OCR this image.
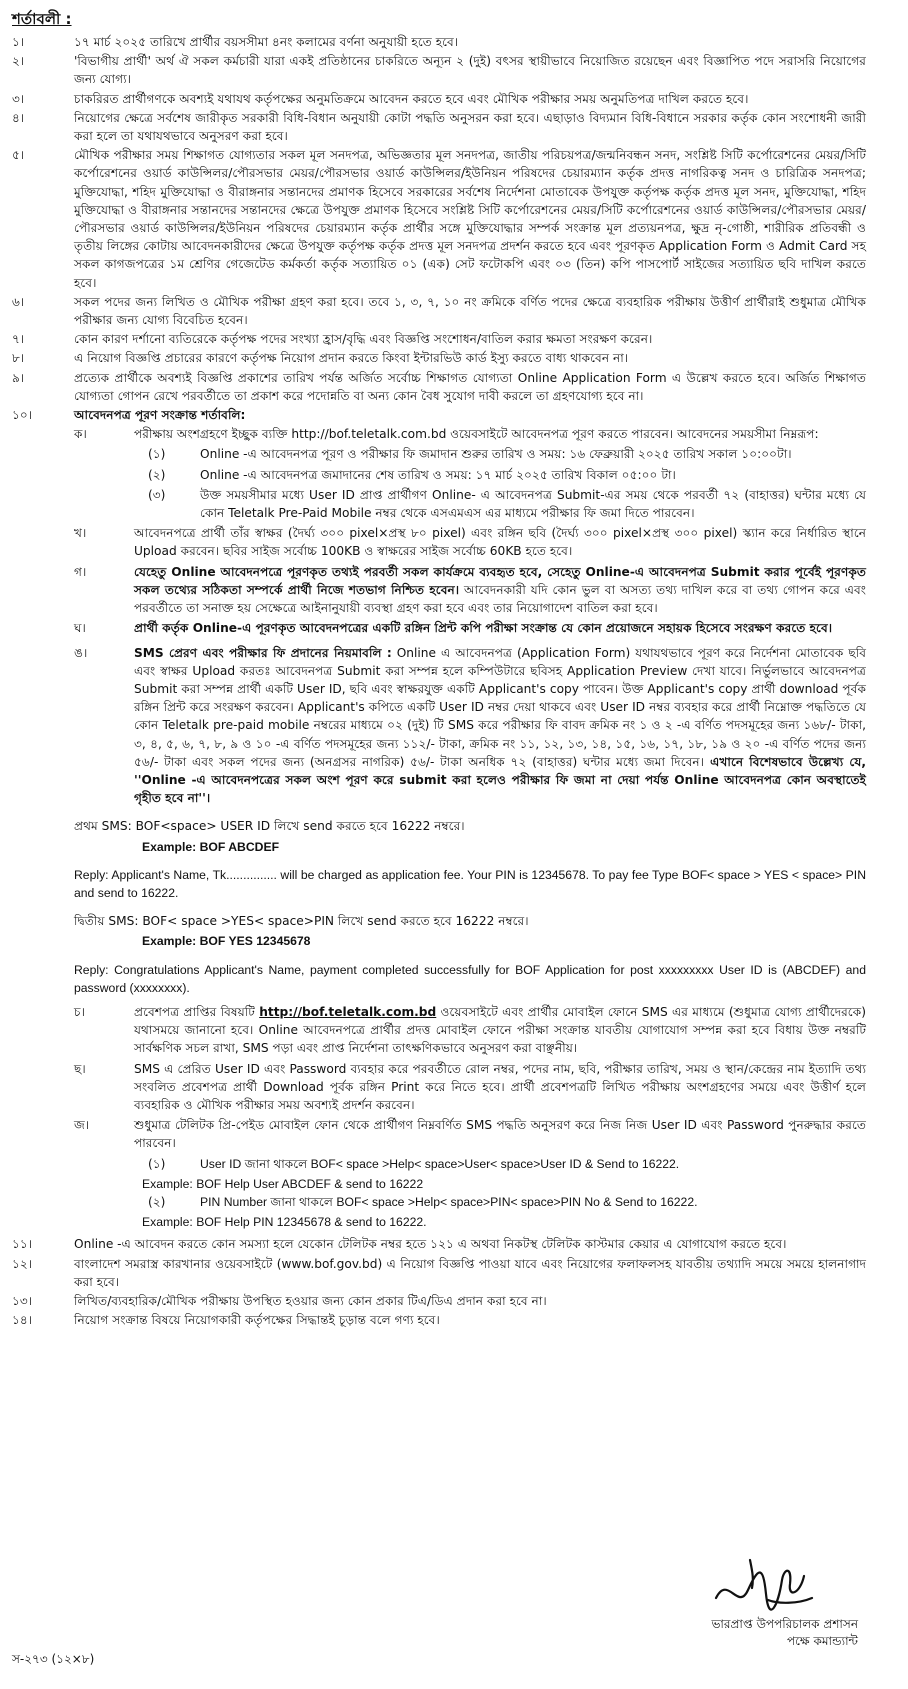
শর্তাবলী :
১।	১৭ মার্চ ২০২৫ তারিখে প্রার্থীর বয়সসীমা ৪নং কলামের বর্ণনা অনুযায়ী হতে হবে।
২।	'বিভাগীয় প্রার্থী' অর্থ ঐ সকল কর্মচারী যারা একই প্রতিষ্ঠানের চাকরিতে অন্যূন ২ (দুই) বৎসর স্থায়ীভাবে নিয়োজিত রয়েছেন এবং বিজ্ঞাপিত পদে সরাসরি নিয়োগের জন্য যোগ্য।
৩।	চাকরিরত প্রার্থীগণকে অবশ্যই যথাযথ কর্তৃপক্ষের অনুমতিক্রমে আবেদন করতে হবে এবং মৌখিক পরীক্ষার সময় অনুমতিপত্র দাখিল করতে হবে।
৪।	নিয়োগের ক্ষেত্রে সর্বশেষ জারীকৃত সরকারী বিধি-বিধান অনুযায়ী কোটা পদ্ধতি অনুসরন করা হবে। এছাড়াও বিদ্যমান বিধি-বিধানে সরকার কর্তৃক কোন সংশোধনী জারী করা হলে তা যথাযথভাবে অনুসরণ করা হবে।
৫।	মৌখিক পরীক্ষার সময় শিক্ষাগত যোগ্যতার সকল মূল সনদপত্র, অভিজ্ঞতার মূল সনদপত্র, জাতীয় পরিচয়পত্র/জন্মনিবন্ধন সনদ, সংশ্লিষ্ট সিটি কর্পোরেশনের মেয়র/সিটি কর্পোরেশনের ওয়ার্ড কাউন্সিলর/পৌরসভার মেয়র/পৌরসভার ওয়ার্ড কাউন্সিলর/ইউনিয়ন পরিষদের চেয়ারম্যান কর্তৃক প্রদত্ত নাগরিকত্ব সনদ ও চারিত্রিক সনদপত্র; মুক্তিযোদ্ধা, শহিদ মুক্তিযোদ্ধা ও বীরাঙ্গনার সন্তানদের প্রমাণক হিসেবে সরকারের সর্বশেষ নির্দেশনা মোতাবেক উপযুক্ত কর্তৃপক্ষ কর্তৃক প্রদত্ত মূল সনদ, মুক্তিযোদ্ধা, শহিদ মুক্তিযোদ্ধা ও বীরাঙ্গনার সন্তানদের সন্তানদের ক্ষেত্রে উপযুক্ত প্রমাণক হিসেবে সংশ্লিষ্ট সিটি কর্পোরেশনের মেয়র/সিটি কর্পোরেশনের ওয়ার্ড কাউন্সিলর/পৌরসভার মেয়র/পৌরসভার ওয়ার্ড কাউন্সিলর/ইউনিয়ন পরিষদের চেয়ারম্যান কর্তৃক প্রার্থীর সঙ্গে মুক্তিযোদ্ধার সম্পর্ক সংক্রান্ত মূল প্রত্যয়নপত্র, ক্ষুদ্র নৃ-গোষ্ঠী, শারীরিক প্রতিবন্ধী ও তৃতীয় লিঙ্গের কোটায় আবেদনকারীদের ক্ষেত্রে উপযুক্ত কর্তৃপক্ষ কর্তৃক প্রদত্ত মূল সনদপত্র প্রদর্শন করতে হবে এবং পূরণকৃত Application Form ও Admit Card সহ সকল কাগজপত্রের ১ম শ্রেণির গেজেটেড কর্মকর্তা কর্তৃক সত্যায়িত ০১ (এক) সেট ফটোকপি এবং ০৩ (তিন) কপি পাসপোর্ট সাইজের সত্যায়িত ছবি দাখিল করতে হবে।
৬।	সকল পদের জন্য লিখিত ও মৌখিক পরীক্ষা গ্রহণ করা হবে। তবে ১, ৩, ৭, ১০ নং ক্রমিকে বর্ণিত পদের ক্ষেত্রে ব্যবহারিক পরীক্ষায় উত্তীর্ণ প্রার্থীরাই শুধুমাত্র মৌখিক পরীক্ষার জন্য যোগ্য বিবেচিত হবেন।
৭।	কোন কারণ দর্শানো ব্যতিরেকে কর্তৃপক্ষ পদের সংখ্যা হ্রাস/বৃদ্ধি এবং বিজ্ঞপ্তি সংশোধন/বাতিল করার ক্ষমতা সংরক্ষণ করেন।
৮।	এ নিয়োগ বিজ্ঞপ্তি প্রচারের কারণে কর্তৃপক্ষ নিয়োগ প্রদান করতে কিংবা ইন্টারভিউ কার্ড ইস্যু করতে বাধ্য থাকবেন না।
৯।	প্রত্যেক প্রার্থীকে অবশ্যই বিজ্ঞপ্তি প্রকাশের তারিখ পর্যন্ত অর্জিত সর্বোচ্চ শিক্ষাগত যোগ্যতা Online Application Form এ উল্লেখ করতে হবে। অর্জিত শিক্ষাগত যোগ্যতা গোপন রেখে পরবর্তীতে তা প্রকাশ করে পদোন্নতি বা অন্য কোন বৈধ সুযোগ দাবী করলে তা গ্রহণযোগ্য হবে না।
১০।	আবেদনপত্র পূরণ সংক্রান্ত শর্তাবলি:
ক।	পরীক্ষায় অংশগ্রহণে ইচ্ছুক ব্যক্তি http://bof.teletalk.com.bd ওয়েবসাইটে আবেদনপত্র পূরণ করতে পারবেন। আবেদনের সময়সীমা নিম্নরূপ:
(১)	Online -এ আবেদনপত্র পূরণ ও পরীক্ষার ফি জমাদান শুরুর তারিখ ও সময়: ১৬ ফেব্রুয়ারী ২০২৫ তারিখ সকাল ১০:০০টা।
(২)	Online -এ আবেদনপত্র জমাদানের শেষ তারিখ ও সময়: ১৭ মার্চ ২০২৫ তারিখ বিকাল ০৫:০০ টা।
(৩)	উক্ত সময়সীমার মধ্যে User ID প্রাপ্ত প্রার্থীগণ Online- এ আবেদনপত্র Submit-এর সময় থেকে পরবর্তী ৭২ (বাহাত্তর) ঘন্টার মধ্যে যে কোন Teletalk Pre-Paid Mobile নম্বর থেকে এসএমএস এর মাধ্যমে পরীক্ষার ফি জমা দিতে পারবেন।
খ।	আবেদনপত্রে প্রার্থী তাঁর স্বাক্ষর (দৈর্ঘ্য ৩০০ pixel×প্রস্থ ৮০ pixel) এবং রঙ্গিন ছবি (দৈর্ঘ্য ৩০০ pixel×প্রস্থ ৩০০ pixel) স্ক্যান করে নির্ধারিত স্থানে Upload করবেন। ছবির সাইজ সর্বোচ্চ 100KB ও স্বাক্ষরের সাইজ সর্বোচ্চ 60KB হতে হবে।
গ।	যেহেতু Online আবেদনপত্রে পূরণকৃত তথ্যই পরবর্তী সকল কার্যক্রমে ব্যবহৃত হবে, সেহেতু Online-এ আবেদনপত্র Submit করার পূর্বেই পূরণকৃত সকল তথ্যের সঠিকতা সম্পর্কে প্রার্থী নিজে শতভাগ নিশ্চিত হবেন। আবেদনকারী যদি কোন ভুল বা অসত্য তথ্য দাখিল করে বা তথ্য গোপন করে এবং পরবর্তীতে তা সনাক্ত হয় সেক্ষেত্রে আইনানুযায়ী ব্যবস্থা গ্রহণ করা হবে এবং তার নিয়োগাদেশ বাতিল করা হবে।
ঘ।	প্রার্থী কর্তৃক Online-এ পূরণকৃত আবেদনপত্রের একটি রঙ্গিন প্রিন্ট কপি পরীক্ষা সংক্রান্ত যে কোন প্রয়োজনে সহায়ক হিসেবে সংরক্ষণ করতে হবে।
ঙ।	SMS প্রেরণ এবং পরীক্ষার ফি প্রদানের নিয়মাবলি : Online এ আবেদনপত্র (Application Form) যথাযথভাবে পূরণ করে নির্দেশনা মোতাবেক ছবি এবং স্বাক্ষর Upload করতঃ আবেদনপত্র Submit করা সম্পন্ন হলে কম্পিউটারে ছবিসহ Application Preview দেখা যাবে। নির্ভুলভাবে আবেদনপত্র Submit করা সম্পন্ন প্রার্থী একটি User ID, ছবি এবং স্বাক্ষরযুক্ত একটি Applicant's copy পাবেন। উক্ত Applicant's copy প্রার্থী download পূর্বক রঙ্গিন প্রিন্ট করে সংরক্ষণ করবেন। Applicant's কপিতে একটি User ID নম্বর দেয়া থাকবে এবং User ID নম্বর ব্যবহার করে প্রার্থী নিম্নোক্ত পদ্ধতিতে যে কোন Teletalk pre-paid mobile নম্বরের মাধ্যমে ০২ (দুই) টি SMS করে পরীক্ষার ফি বাবদ ক্রমিক নং ১ ও ২ -এ বর্ণিত পদসমূহের জন্য ১৬৮/- টাকা, ৩, ৪, ৫, ৬, ৭, ৮, ৯ ও ১০ -এ বর্ণিত পদসমূহের জন্য ১১২/- টাকা, ক্রমিক নং ১১, ১২, ১৩, ১৪, ১৫, ১৬, ১৭, ১৮, ১৯ ও ২০ -এ বর্ণিত পদের জন্য ৫৬/- টাকা এবং সকল পদের জন্য (অনগ্রসর নাগরিক) ৫৬/- টাকা অনধিক ৭২ (বাহাত্তর) ঘন্টার মধ্যে জমা দিবেন। এখানে বিশেষভাবে উল্লেখ্য যে, ''Online -এ আবেদনপত্রের সকল অংশ পূরণ করে submit করা হলেও পরীক্ষার ফি জমা না দেয়া পর্যন্ত Online আবেদনপত্র কোন অবস্থাতেই গৃহীত হবে না''।
প্রথম SMS: BOF<space> USER ID লিখে send করতে হবে 16222 নম্বরে।
Example: BOF ABCDEF
Reply: Applicant's Name, Tk............... will be charged as application fee. Your PIN is 12345678. To pay fee Type BOF< space > YES < space> PIN and send to 16222.
দ্বিতীয় SMS: BOF< space >YES< space>PIN লিখে send করতে হবে 16222 নম্বরে।
Example: BOF YES 12345678
Reply: Congratulations Applicant's Name, payment completed successfully for BOF Application for post xxxxxxxxx User ID is (ABCDEF) and password (xxxxxxxx).
চ।	প্রবেশপত্র প্রাপ্তির বিষয়টি http://bof.teletalk.com.bd ওয়েবসাইটে এবং প্রার্থীর মোবাইল ফোনে SMS এর মাধ্যমে (শুধুমাত্র যোগ্য প্রার্থীদেরকে) যথাসময়ে জানানো হবে। Online আবেদনপত্রে প্রার্থীর প্রদত্ত মোবাইল ফোনে পরীক্ষা সংক্রান্ত যাবতীয় যোগাযোগ সম্পন্ন করা হবে বিধায় উক্ত নম্বরটি সার্বক্ষণিক সচল রাখা, SMS পড়া এবং প্রাপ্ত নির্দেশনা তাৎক্ষণিকভাবে অনুসরণ করা বাঞ্ছনীয়।
ছ।	SMS এ প্রেরিত User ID এবং Password ব্যবহার করে পরবর্তীতে রোল নম্বর, পদের নাম, ছবি, পরীক্ষার তারিখ, সময় ও স্থান/কেন্দ্রের নাম ইত্যাদি তথ্য সংবলিত প্রবেশপত্র প্রার্থী Download পূর্বক রঙ্গিন Print করে নিতে হবে। প্রার্থী প্রবেশপত্রটি লিখিত পরীক্ষায় অংশগ্রহণের সময়ে এবং উত্তীর্ণ হলে ব্যবহারিক ও মৌখিক পরীক্ষার সময় অবশ্যই প্রদর্শন করবেন।
জ।	শুধুমাত্র টেলিটক প্রি-পেইড মোবাইল ফোন থেকে প্রার্থীগণ নিম্নবর্ণিত SMS পদ্ধতি অনুসরণ করে নিজ নিজ User ID এবং Password পুনরুদ্ধার করতে পারবেন।
(১)	User ID জানা থাকলে BOF< space >Help< space>User< space>User ID & Send to 16222.
Example: BOF Help User ABCDEF & send to 16222
(২)	PIN Number জানা থাকলে BOF< space >Help< space>PIN< space>PIN No & Send to 16222.
Example: BOF Help PIN 12345678 & send to 16222.
১১।	Online -এ আবেদন করতে কোন সমস্যা হলে যেকোন টেলিটক নম্বর হতে ১২১ এ অথবা নিকটস্থ টেলিটক কাস্টমার কেয়ার এ যোগাযোগ করতে হবে।
১২।	বাংলাদেশ সমরাস্ত্র কারখানার ওয়েবসাইটে (www.bof.gov.bd) এ নিয়োগ বিজ্ঞপ্তি পাওয়া যাবে এবং নিয়োগের ফলাফলসহ যাবতীয় তথ্যাদি সময়ে সময়ে হালনাগাদ করা হবে।
১৩।	লিখিত/ব্যবহারিক/মৌখিক পরীক্ষায় উপস্থিত হওয়ার জন্য কোন প্রকার টিএ/ডিএ প্রদান করা হবে না।
১৪।	নিয়োগ সংক্রান্ত বিষয়ে নিয়োগকারী কর্তৃপক্ষের সিদ্ধান্তই চূড়ান্ত বলে গণ্য হবে।
ভারপ্রাপ্ত উপপরিচালক প্রশাসন
পক্ষে কমান্ড্যান্ট
স-২৭৩ (১২×৮)
